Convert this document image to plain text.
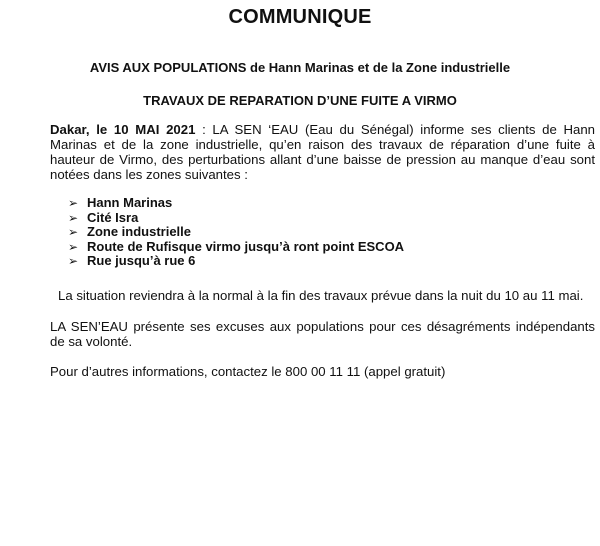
COMMUNIQUE
AVIS AUX POPULATIONS de Hann Marinas et de la Zone industrielle
TRAVAUX DE REPARATION D’UNE FUITE A VIRMO
Dakar, le 10 MAI 2021 : LA SEN ‘EAU (Eau du Sénégal) informe ses clients de Hann Marinas et de la zone industrielle, qu’en raison des travaux de réparation d’une fuite à hauteur de Virmo, des perturbations allant d’une baisse de pression au manque d’eau sont notées dans les zones suivantes :
➢ Hann Marinas
➢ Cité Isra
➢ Zone industrielle
➢ Route de Rufisque virmo jusqu’à ront point ESCOA
➢ Rue jusqu’à rue 6
La situation reviendra à la normal à la fin des travaux prévue dans la nuit du 10 au 11 mai.
LA SEN’EAU présente ses excuses aux populations pour ces désagréments indépendants de sa volonté.
Pour d’autres informations, contactez le 800 00 11 11 (appel gratuit)
